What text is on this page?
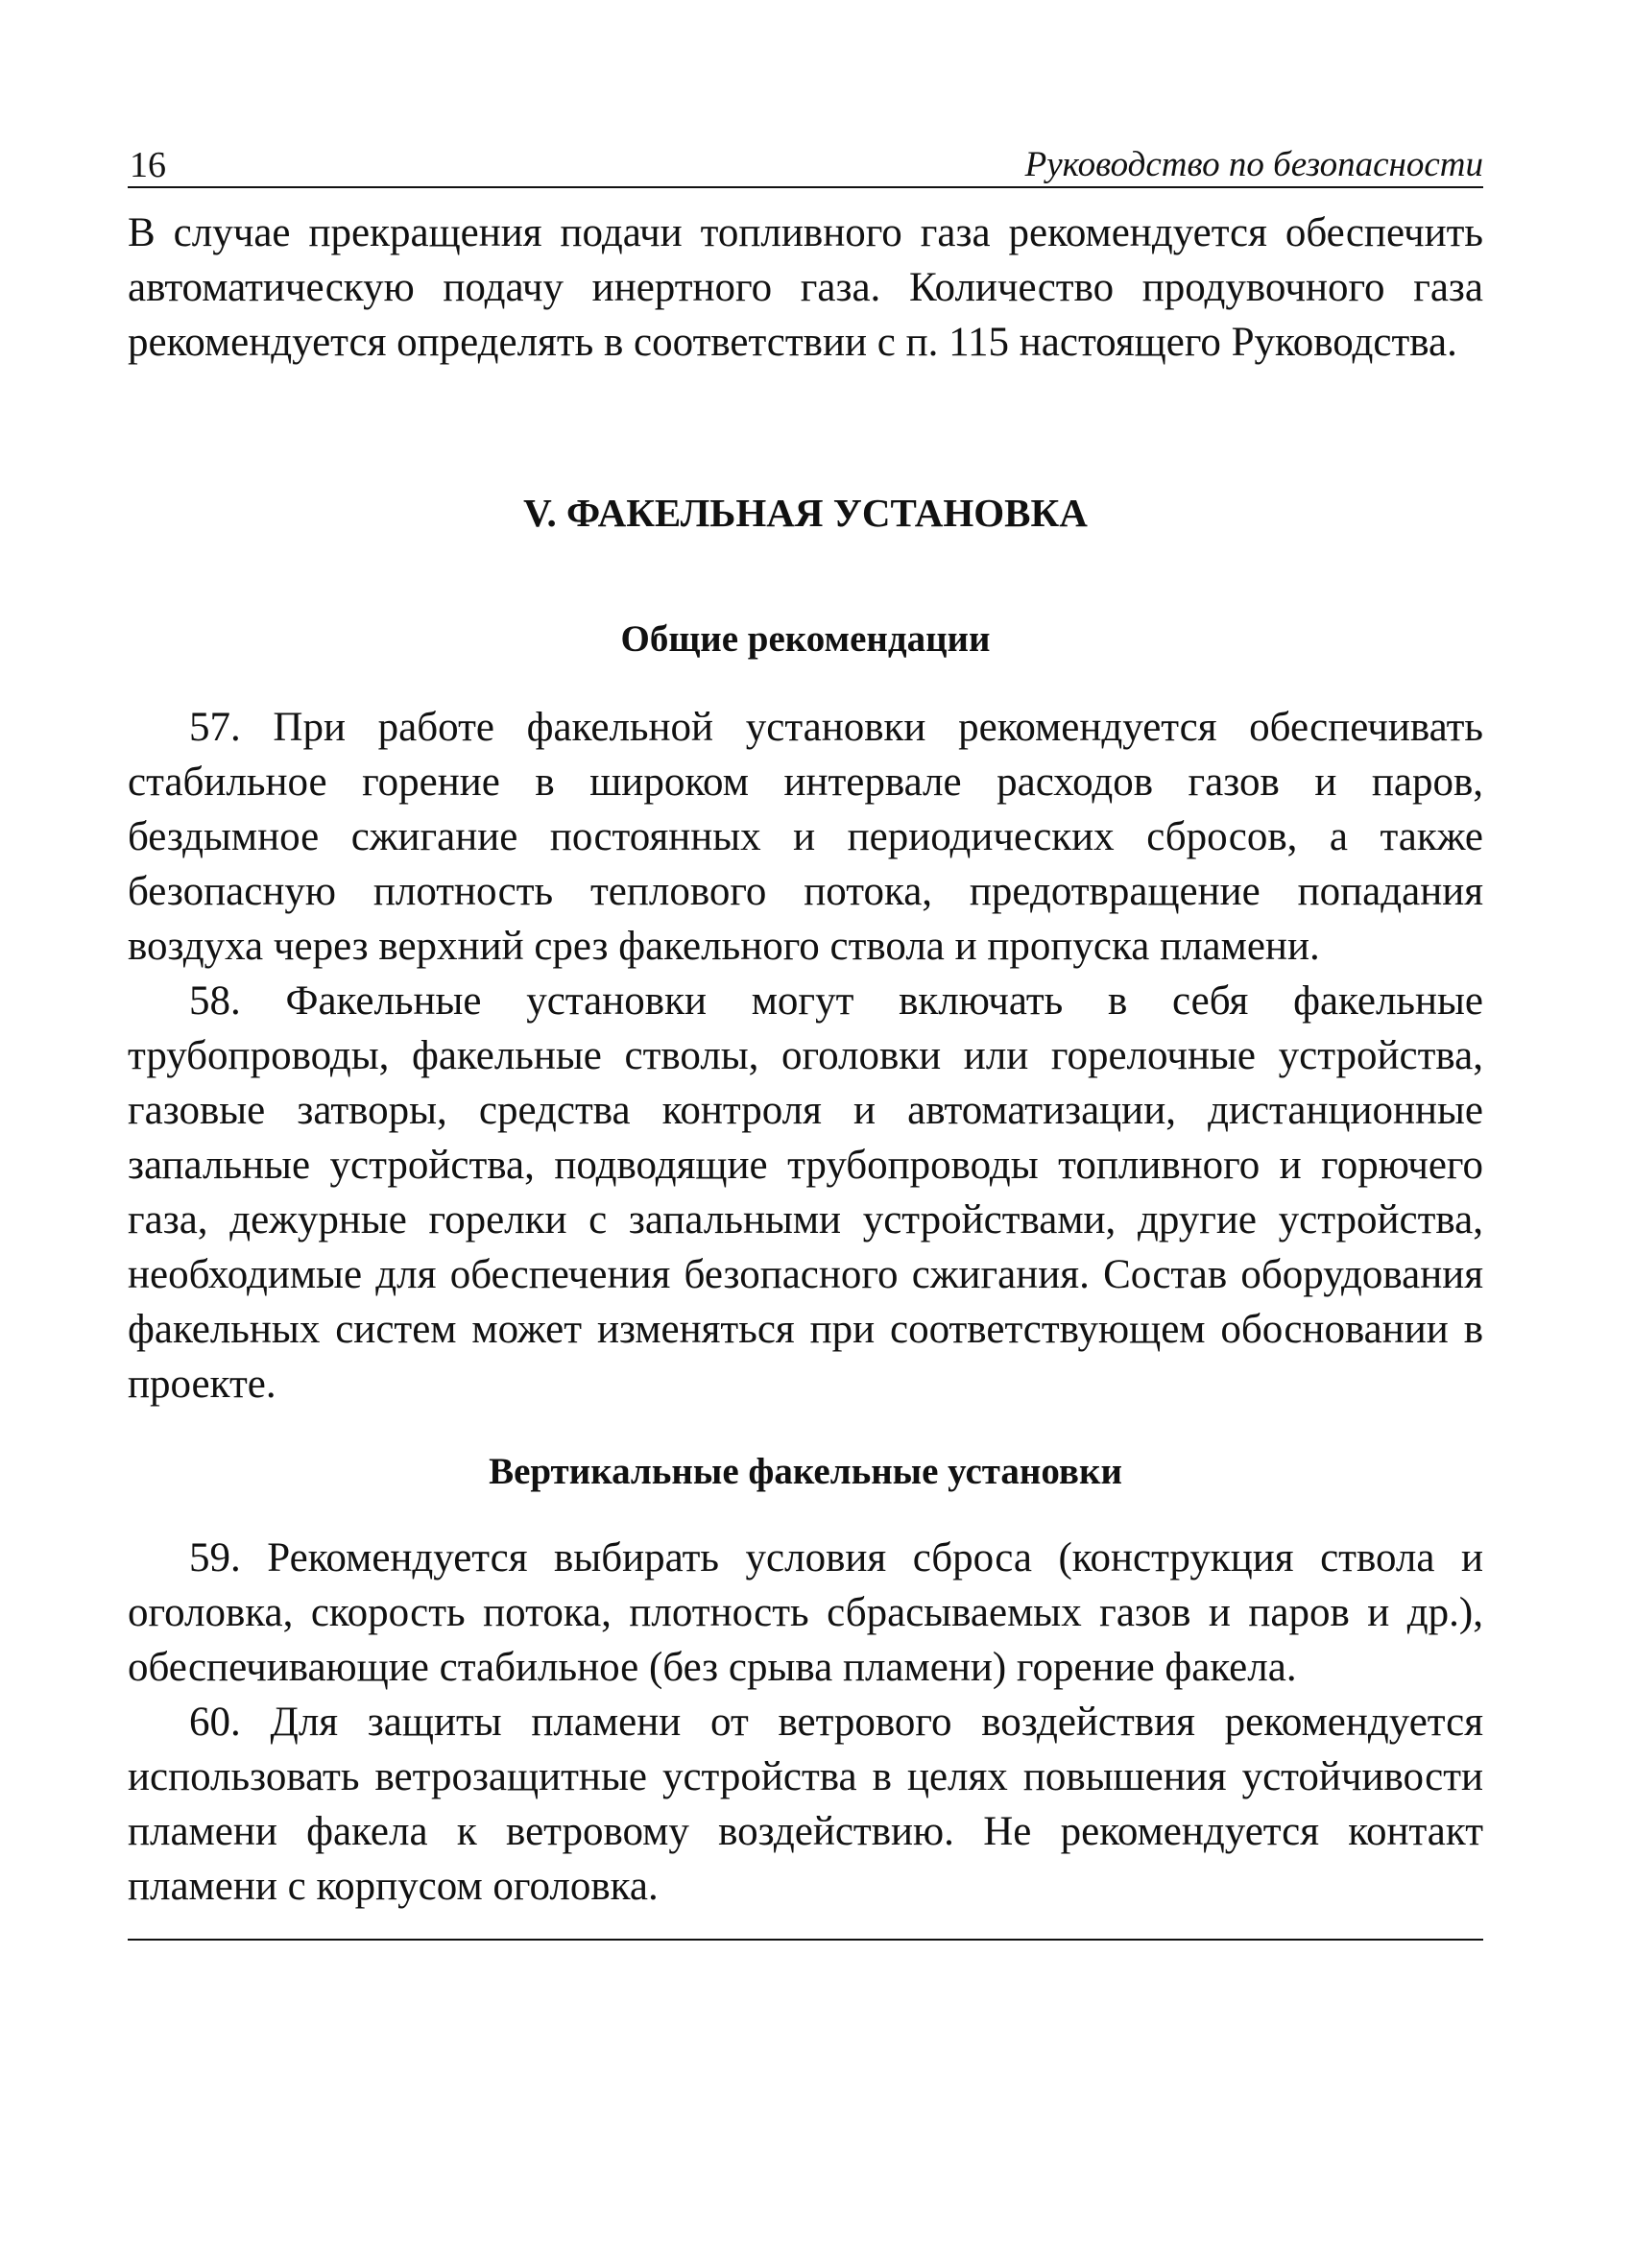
16	Руководство по безопасности

В случае прекращения подачи топливного газа рекомендуется обеспечить автоматическую подачу инертного газа. Количество продувочного газа рекомендуется определять в соответствии с п. 115 настоящего Руководства.

V. ФАКЕЛЬНАЯ УСТАНОВКА
Общие рекомендации

57. При работе факельной установки рекомендуется обеспечивать стабильное горение в широком интервале расходов газов и паров, бездымное сжигание постоянных и периодических сбросов, а также безопасную плотность теплового потока, предотвращение попадания воздуха через верхний срез факельного ствола и пропуска пламени.

58. Факельные установки могут включать в себя факельные трубопроводы, факельные стволы, оголовки или горелочные устройства, газовые затворы, средства контроля и автоматизации, дистанционные запальные устройства, подводящие трубопроводы топливного и горючего газа, дежурные горелки с запальными устройствами, другие устройства, необходимые для обеспечения безопасного сжигания. Состав оборудования факельных систем может изменяться при соответствующем обосновании в проекте.

Вертикальные факельные установки

59. Рекомендуется выбирать условия сброса (конструкция ствола и оголовка, скорость потока, плотность сбрасываемых газов и паров и др.), обеспечивающие стабильное (без срыва пламени) горение факела.

60. Для защиты пламени от ветрового воздействия рекомендуется использовать ветрозащитные устройства в целях повышения устойчивости пламени факела к ветровому воздействию. Не рекомендуется контакт пламени с корпусом оголовка.
